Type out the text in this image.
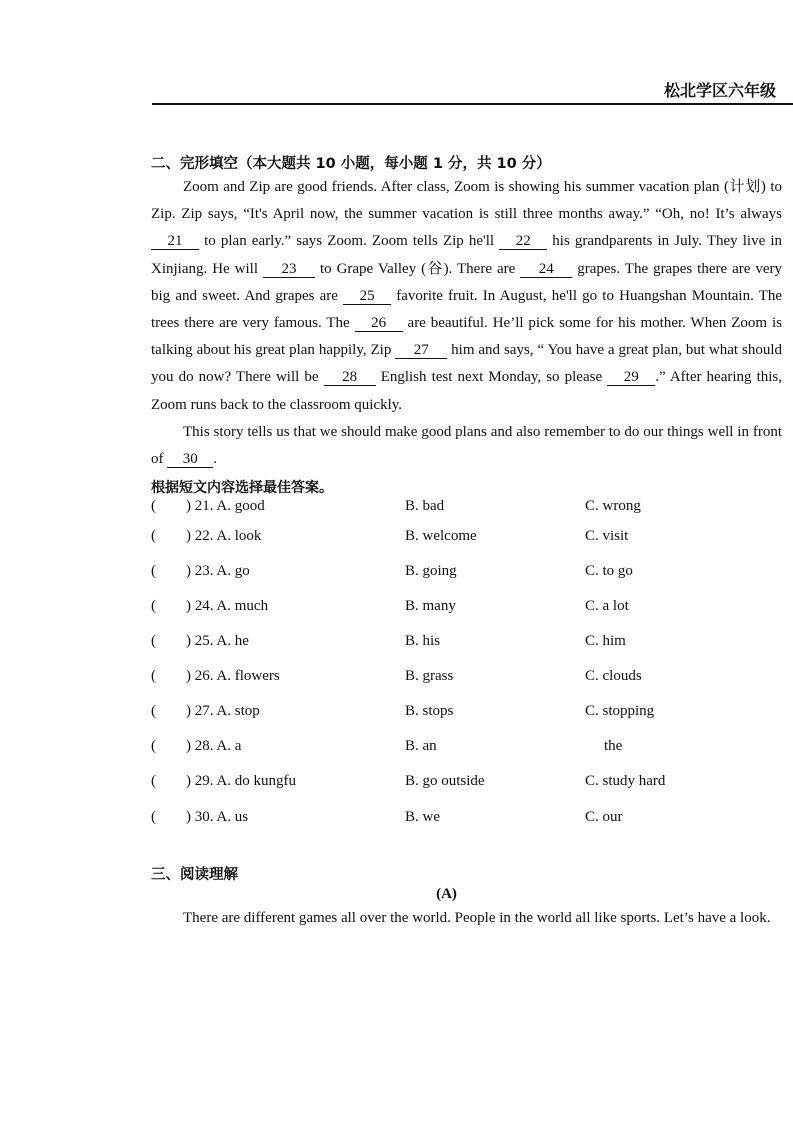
松北学区六年级
二、完形填空（本大题共 10 小题，每小题 1 分，共 10 分）
Zoom and Zip are good friends. After class, Zoom is showing his summer vacation plan (计划) to Zip. Zip says, “It's April now, the summer vacation is still three months away.” “Oh, no! It’s always 21 to plan early.” says Zoom. Zoom tells Zip he'll 22 his grandparents in July. They live in Xinjiang. He will 23 to Grape Valley (谷). There are 24 grapes. The grapes there are very big and sweet. And grapes are 25 favorite fruit. In August, he'll go to Huangshan Mountain. The trees there are very famous. The 26 are beautiful. He’ll pick some for his mother. When Zoom is talking about his great plan happily, Zip 27 him and says, “ You have a great plan, but what should you do now? There will be 28 English test next Monday, so please 29 .” After hearing this, Zoom runs back to the classroom quickly.
This story tells us that we should make good plans and also remember to do our things well in front of 30 .
根据短文内容选择最佳答案。
( ) 21. A. good	B. bad	C. wrong
( ) 22. A. look	B. welcome	C. visit
( ) 23. A. go	B. going	C. to go
( ) 24. A. much	B. many	C. a lot
( ) 25. A. he	B. his	C. him
( ) 26. A. flowers	B. grass	C. clouds
( ) 27. A. stop	B. stops	C. stopping
( ) 28. A. a	B. an	the
( ) 29. A. do kungfu	B. go outside	C. study hard
( ) 30. A. us	B. we	C. our
三、阅读理解
(A)
There are different games all over the world. People in the world all like sports. Let’s have a look.
